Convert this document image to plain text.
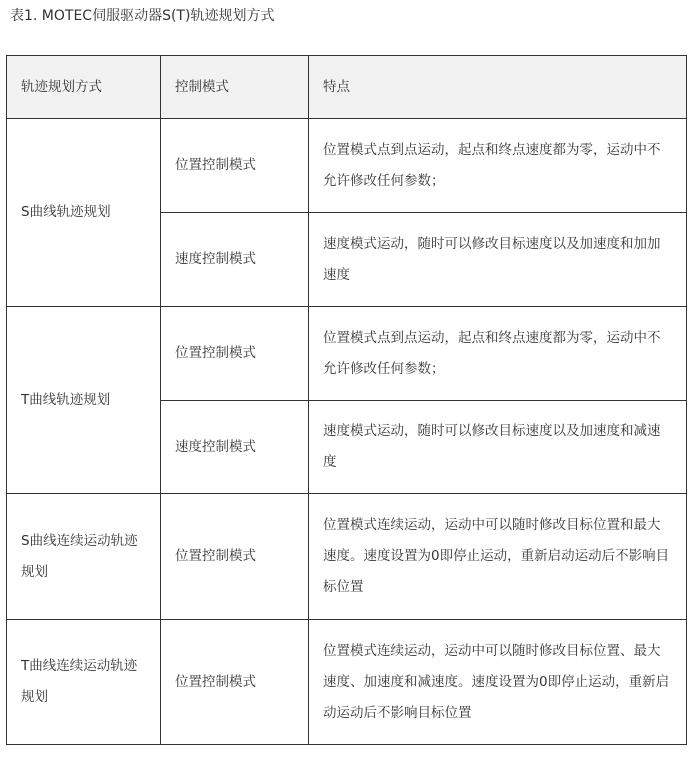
表1. MOTEC伺服驱动器S(T)轨迹规划方式
轨迹规划方式	控制模式	特点
S曲线轨迹规划	位置控制模式	位置模式点到点运动，起点和终点速度都为零，运动中不允许修改任何参数；
	速度控制模式	速度模式运动，随时可以修改目标速度以及加速度和加加速度
T曲线轨迹规划	位置控制模式	位置模式点到点运动，起点和终点速度都为零，运动中不允许修改任何参数；
	速度控制模式	速度模式运动，随时可以修改目标速度以及加速度和减速度
S曲线连续运动轨迹规划	位置控制模式	位置模式连续运动，运动中可以随时修改目标位置和最大速度。速度设置为0即停止运动，重新启动运动后不影响目标位置
T曲线连续运动轨迹规划	位置控制模式	位置模式连续运动，运动中可以随时修改目标位置、最大速度、加速度和减速度。速度设置为0即停止运动，重新启动运动后不影响目标位置
